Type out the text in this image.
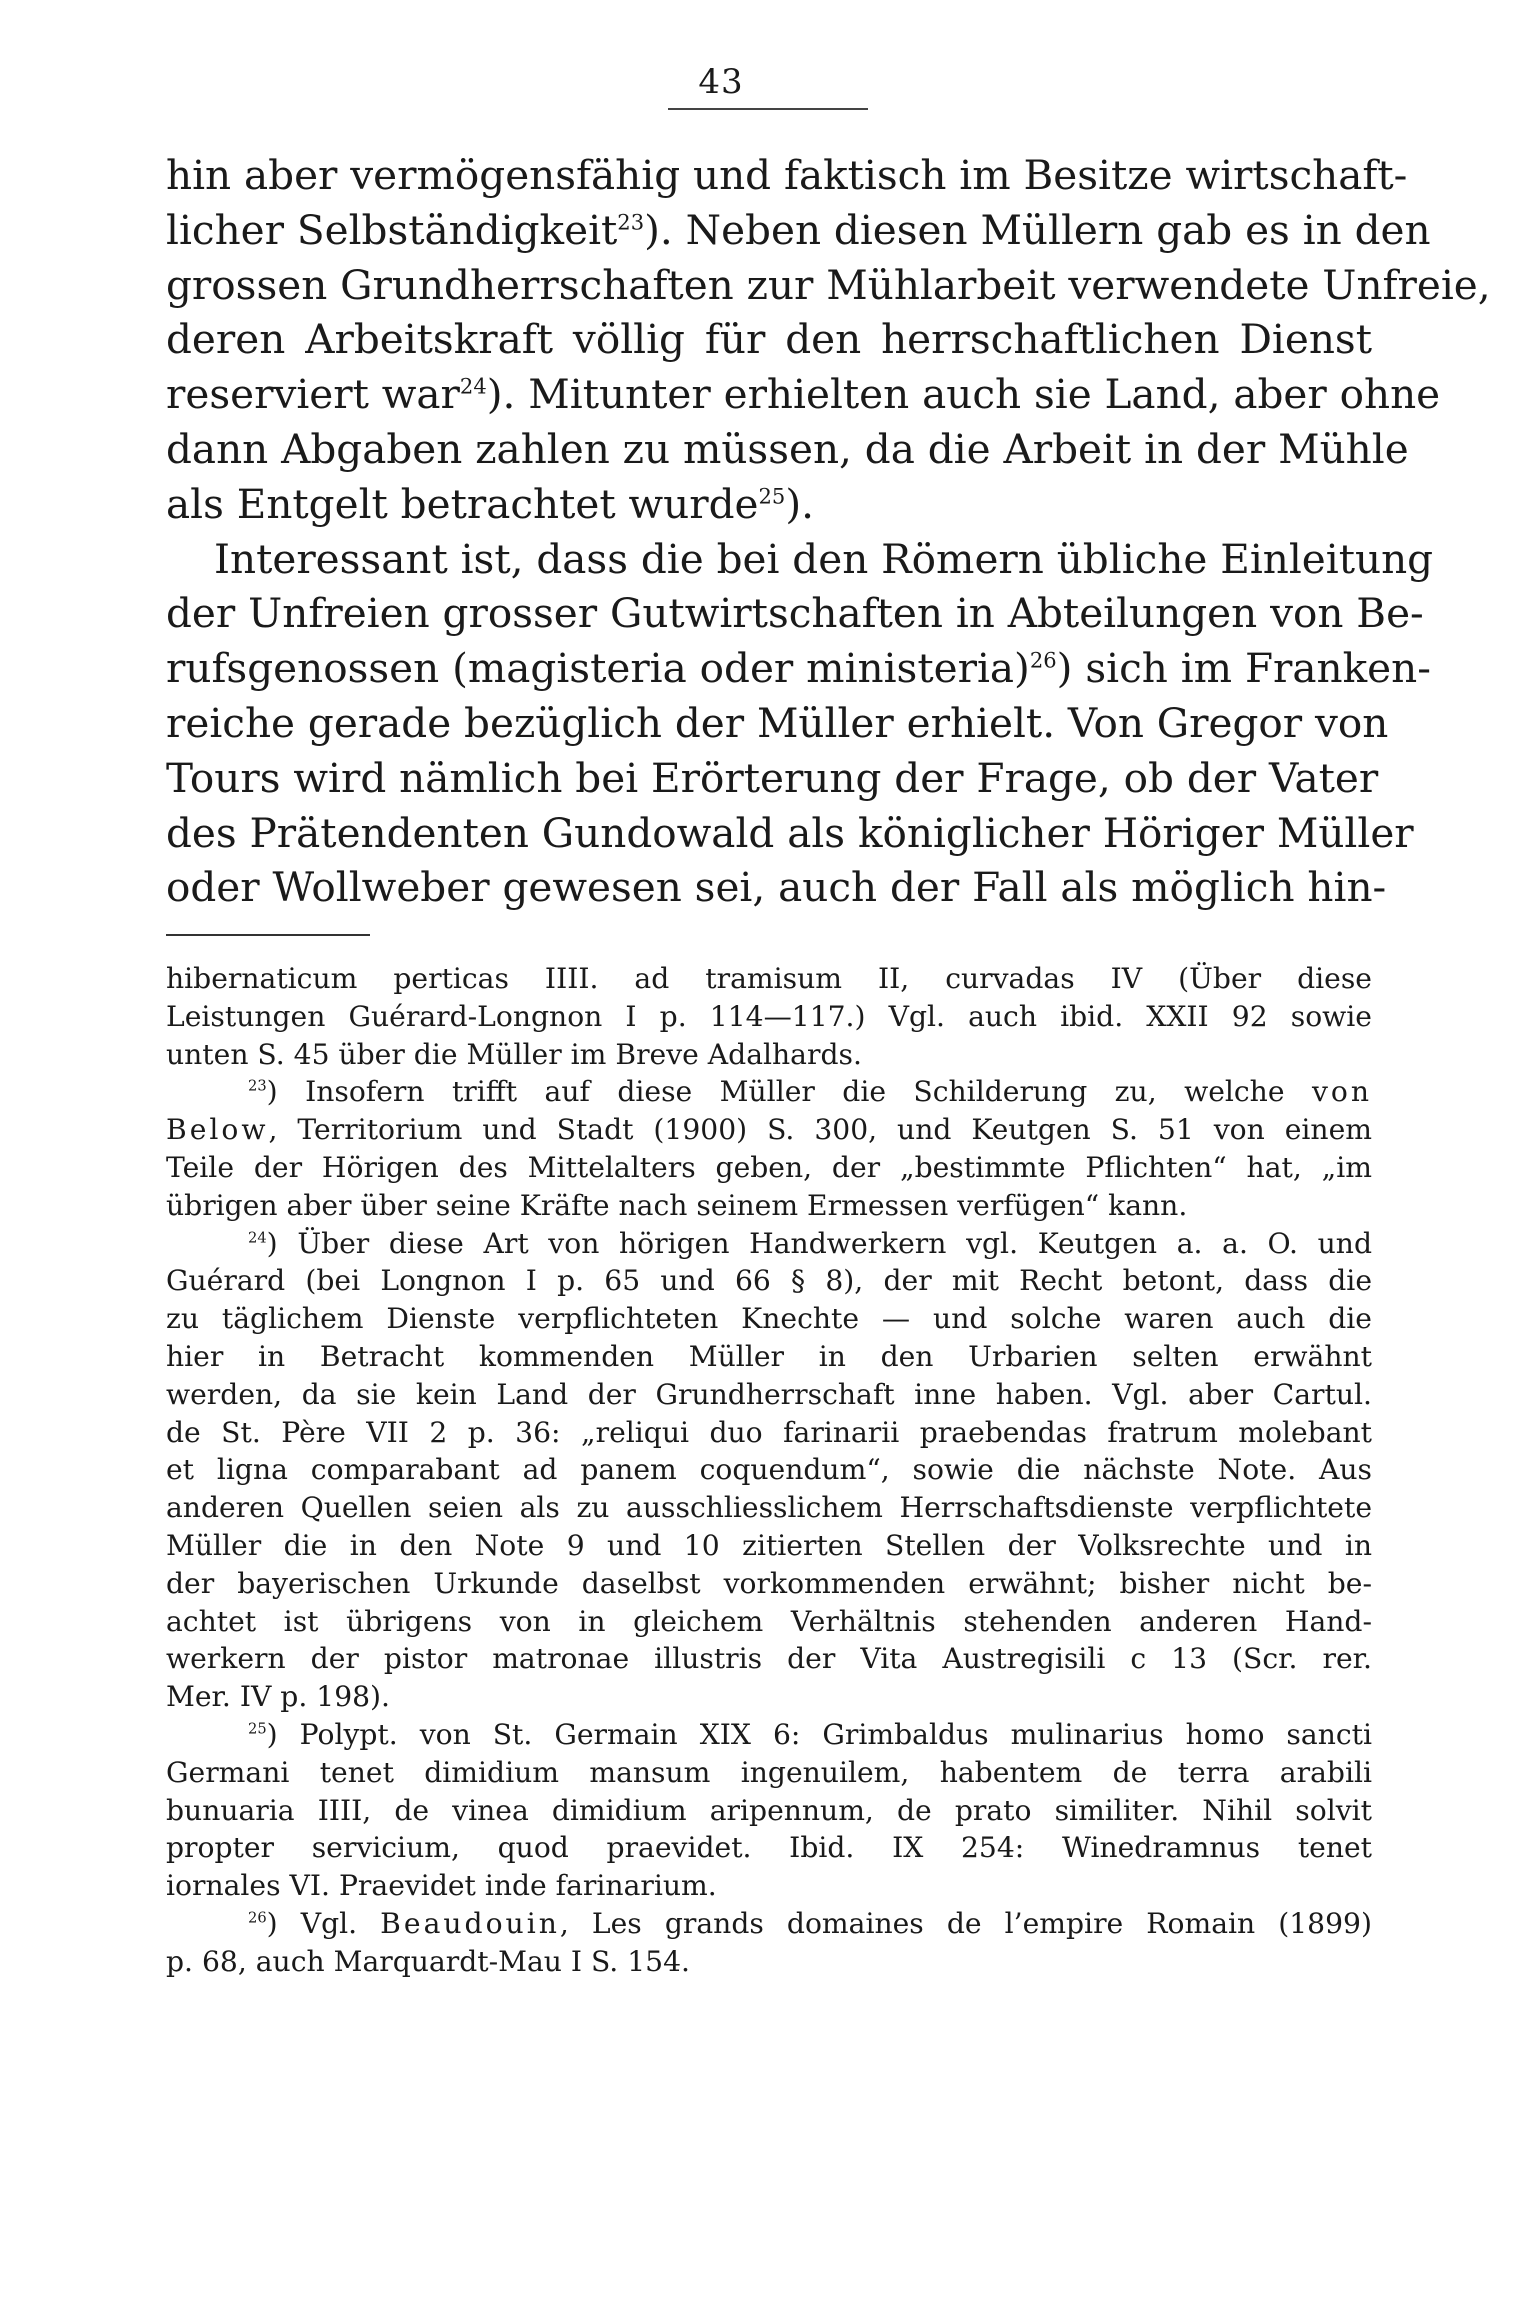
43
hin aber vermögensfähig und faktisch im Besitze wirtschaft-
licher Selbständigkeit$^{23}$). Neben diesen Müllern gab es in den
grossen Grundherrschaften zur Mühlarbeit verwendete Unfreie,
deren Arbeitskraft völlig für den herrschaftlichen Dienst
reserviert war$^{24}$). Mitunter erhielten auch sie Land, aber ohne
dann Abgaben zahlen zu müssen, da die Arbeit in der Mühle
als Entgelt betrachtet wurde$^{25}$).
Interessant ist, dass die bei den Römern übliche Einleitung
der Unfreien grosser Gutwirtschaften in Abteilungen von Be-
rufsgenossen (magisteria oder ministeria)$^{26}$) sich im Franken-
reiche gerade bezüglich der Müller erhielt. Von Gregor von
Tours wird nämlich bei Erörterung der Frage, ob der Vater
des Prätendenten Gundowald als königlicher Höriger Müller
oder Wollweber gewesen sei, auch der Fall als möglich hin-
hibernaticum perticas IIII. ad tramisum II, curvadas IV (Über diese
Leistungen Guérard-Longnon I p. 114—117.) Vgl. auch ibid. XXII 92 sowie
unten S. 45 über die Müller im Breve Adalhards.
$^{23}$) Insofern trifft auf diese Müller die Schilderung zu, welche von
Below, Territorium und Stadt (1900) S. 300, und Keutgen S. 51 von einem
Teile der Hörigen des Mittelalters geben, der „bestimmte Pflichten“ hat, „im
übrigen aber über seine Kräfte nach seinem Ermessen verfügen“ kann.
$^{24}$) Über diese Art von hörigen Handwerkern vgl. Keutgen a. a. O. und
Guérard (bei Longnon I p. 65 und 66 § 8), der mit Recht betont, dass die
zu täglichem Dienste verpflichteten Knechte — und solche waren auch die
hier in Betracht kommenden Müller in den Urbarien selten erwähnt
werden, da sie kein Land der Grundherrschaft inne haben. Vgl. aber Cartul.
de St. Père VII 2 p. 36: „reliqui duo farinarii praebendas fratrum molebant
et ligna comparabant ad panem coquendum“, sowie die nächste Note. Aus
anderen Quellen seien als zu ausschliesslichem Herrschaftsdienste verpflichtete
Müller die in den Note 9 und 10 zitierten Stellen der Volksrechte und in
der bayerischen Urkunde daselbst vorkommenden erwähnt; bisher nicht be-
achtet ist übrigens von in gleichem Verhältnis stehenden anderen Hand-
werkern der pistor matronae illustris der Vita Austregisili c 13 (Scr. rer.
Mer. IV p. 198).
$^{25}$) Polypt. von St. Germain XIX 6: Grimbaldus mulinarius homo sancti
Germani tenet dimidium mansum ingenuilem, habentem de terra arabili
bunuaria IIII, de vinea dimidium aripennum, de prato similiter. Nihil solvit
propter servicium, quod praevidet. Ibid. IX 254: Winedramnus tenet
iornales VI. Praevidet inde farinarium.
$^{26}$) Vgl. Beaudouin, Les grands domaines de l’empire Romain (1899)
p. 68, auch Marquardt-Mau I S. 154.
